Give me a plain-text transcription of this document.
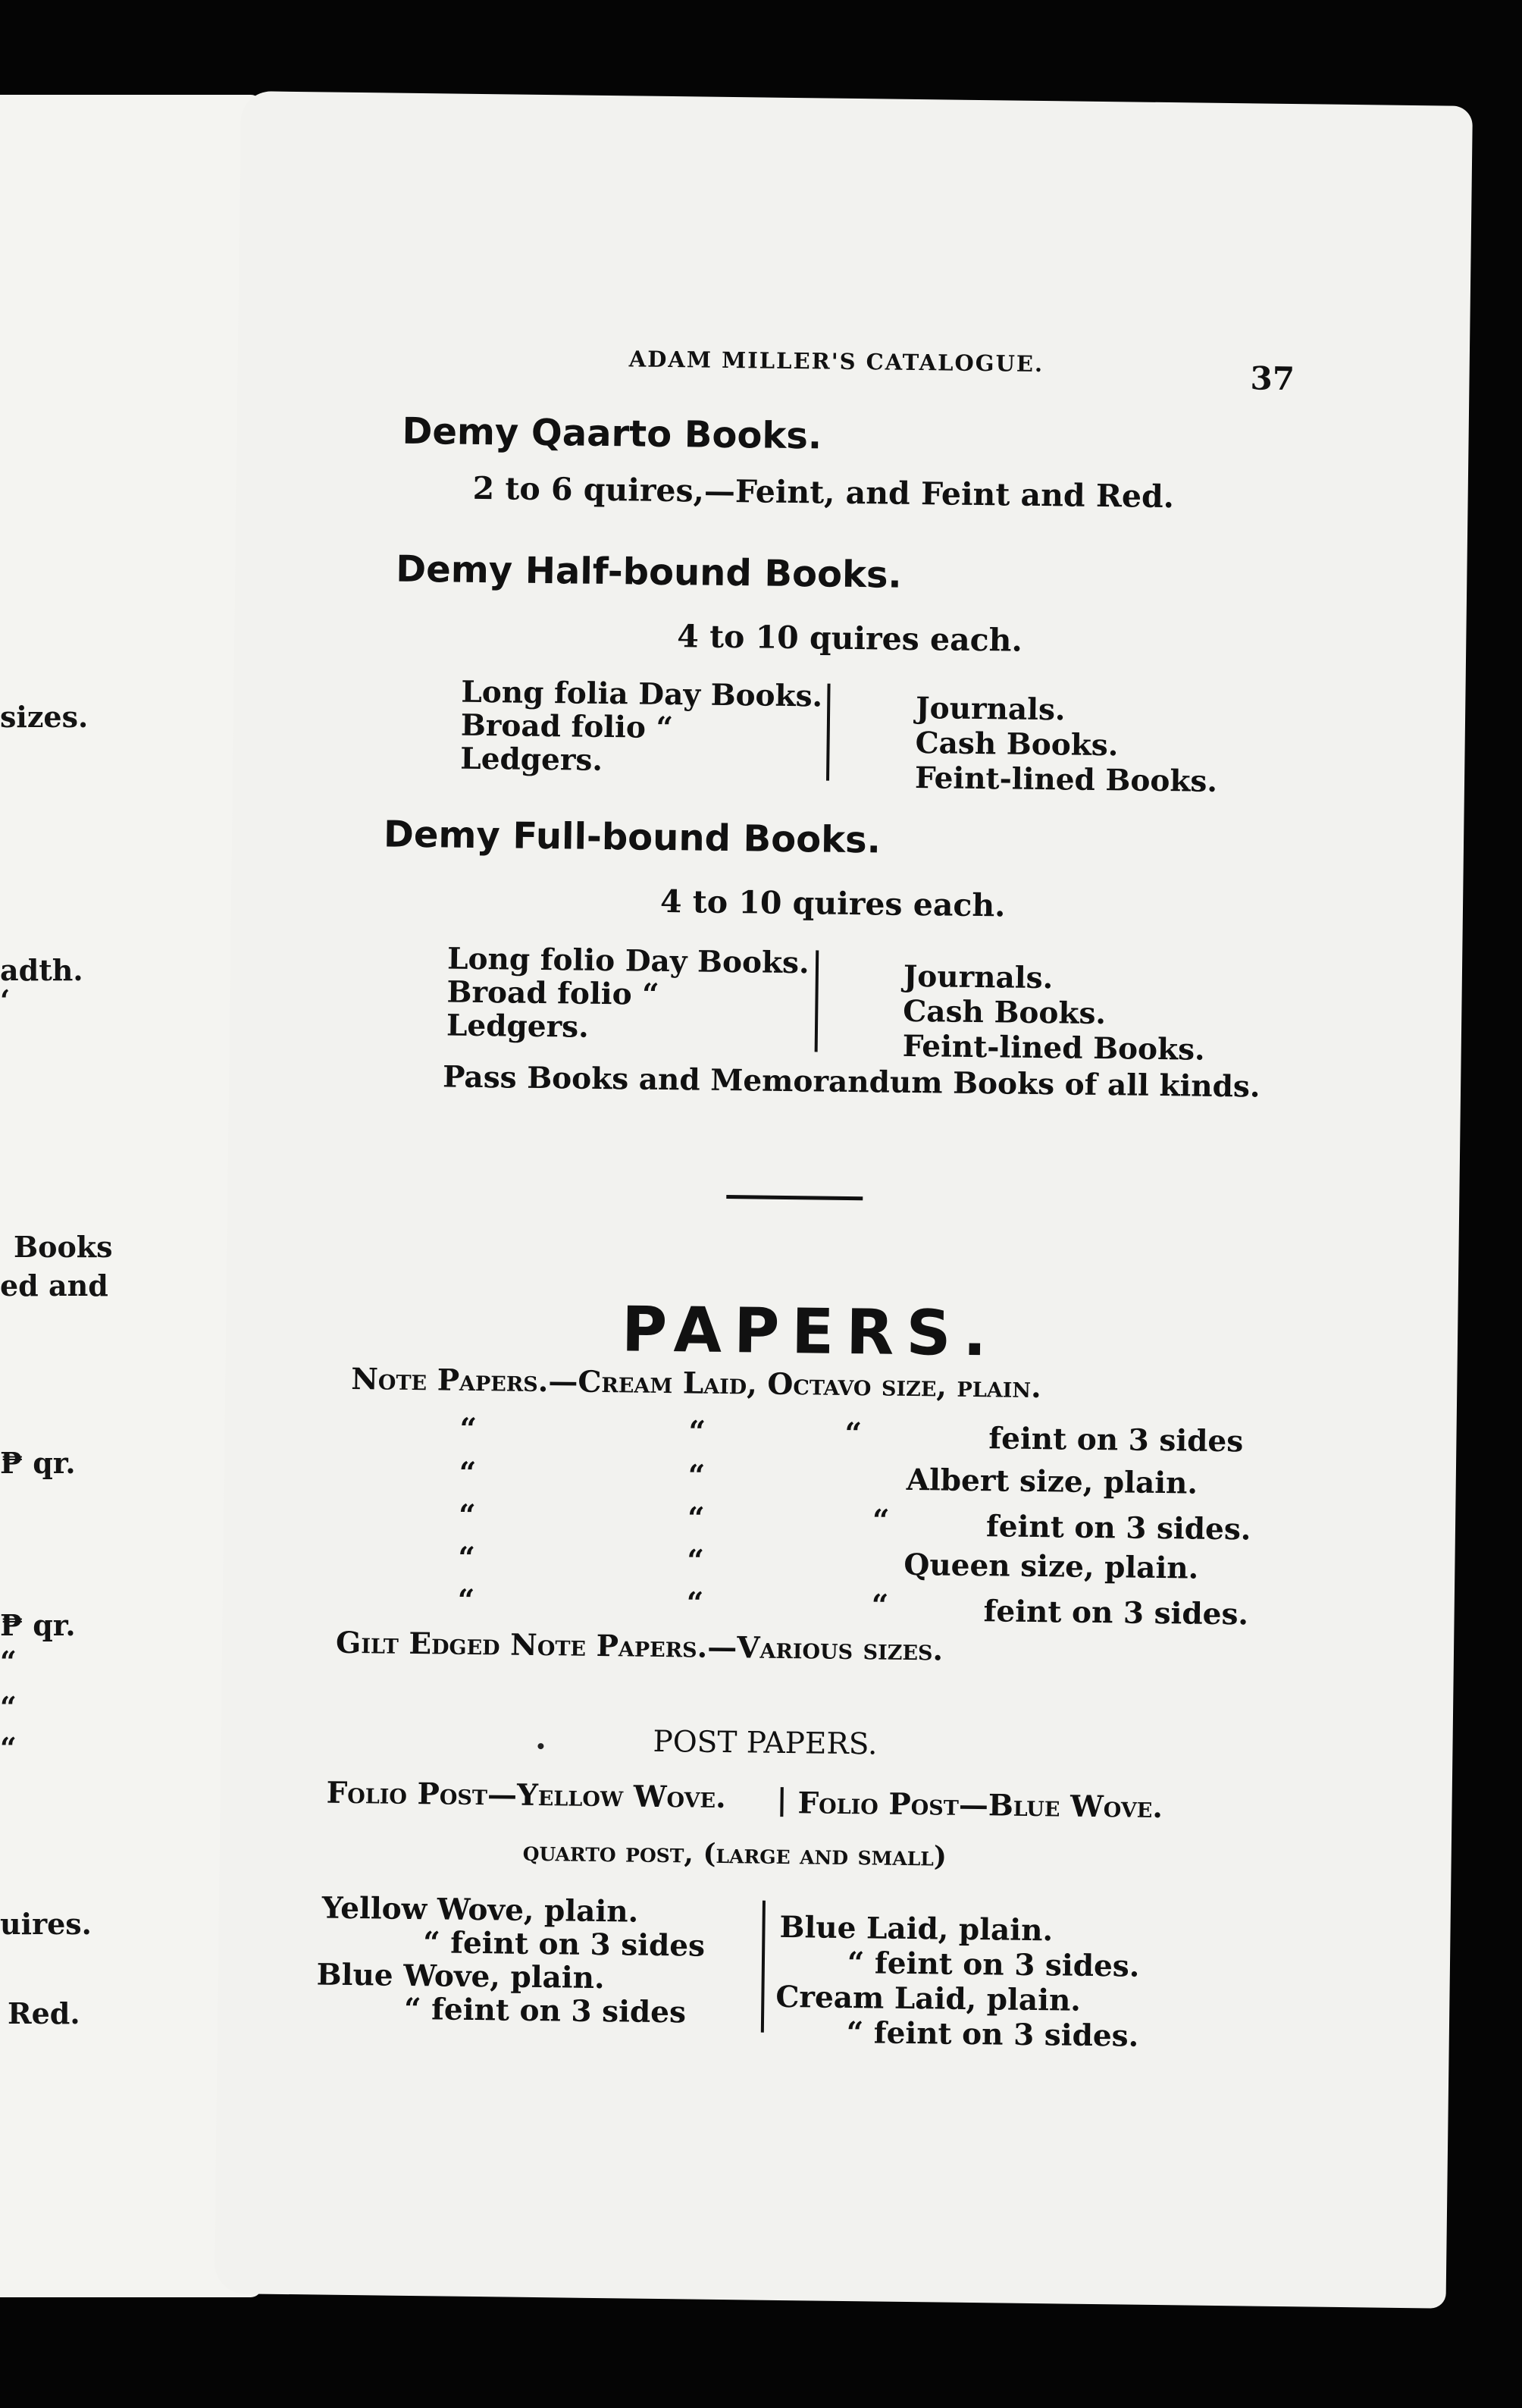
sizes.
adth.
‘
Books
ed and
₱ qr.
₱ qr.
“
“
“
uires.
Red.
ADAM MILLER'S CATALOGUE.	37
Demy Qaarto Books.
2 to 6 quires,—Feint, and Feint and Red.
Demy Half-bound Books.
4 to 10 quires each.
Long folia Day Books.
Broad folio “
Ledgers.
Journals.
Cash Books.
Feint-lined Books.
Demy Full-bound Books.
4 to 10 quires each.
Long folio Day Books.
Broad folio “
Ledgers.
Journals.
Cash Books.
Feint-lined Books.
Pass Books and Memorandum Books of all kinds.
PAPERS.
Note Papers.—Cream Laid, Octavo size, plain.
“	“	“	feint on 3 sides
“	“	Albert size, plain.
“	“	“	feint on 3 sides.
“	“	Queen size, plain.
“	“	“	feint on 3 sides.
Gilt Edged Note Papers.—Various sizes.
POST PAPERS.
Folio Post—Yellow Wove. | Folio Post—Blue Wove.
quarto post, (large and small)
Yellow Wove, plain.
“ feint on 3 sides
Blue Wove, plain.
“ feint on 3 sides
Blue Laid, plain.
“ feint on 3 sides.
Cream Laid, plain.
“ feint on 3 sides.
